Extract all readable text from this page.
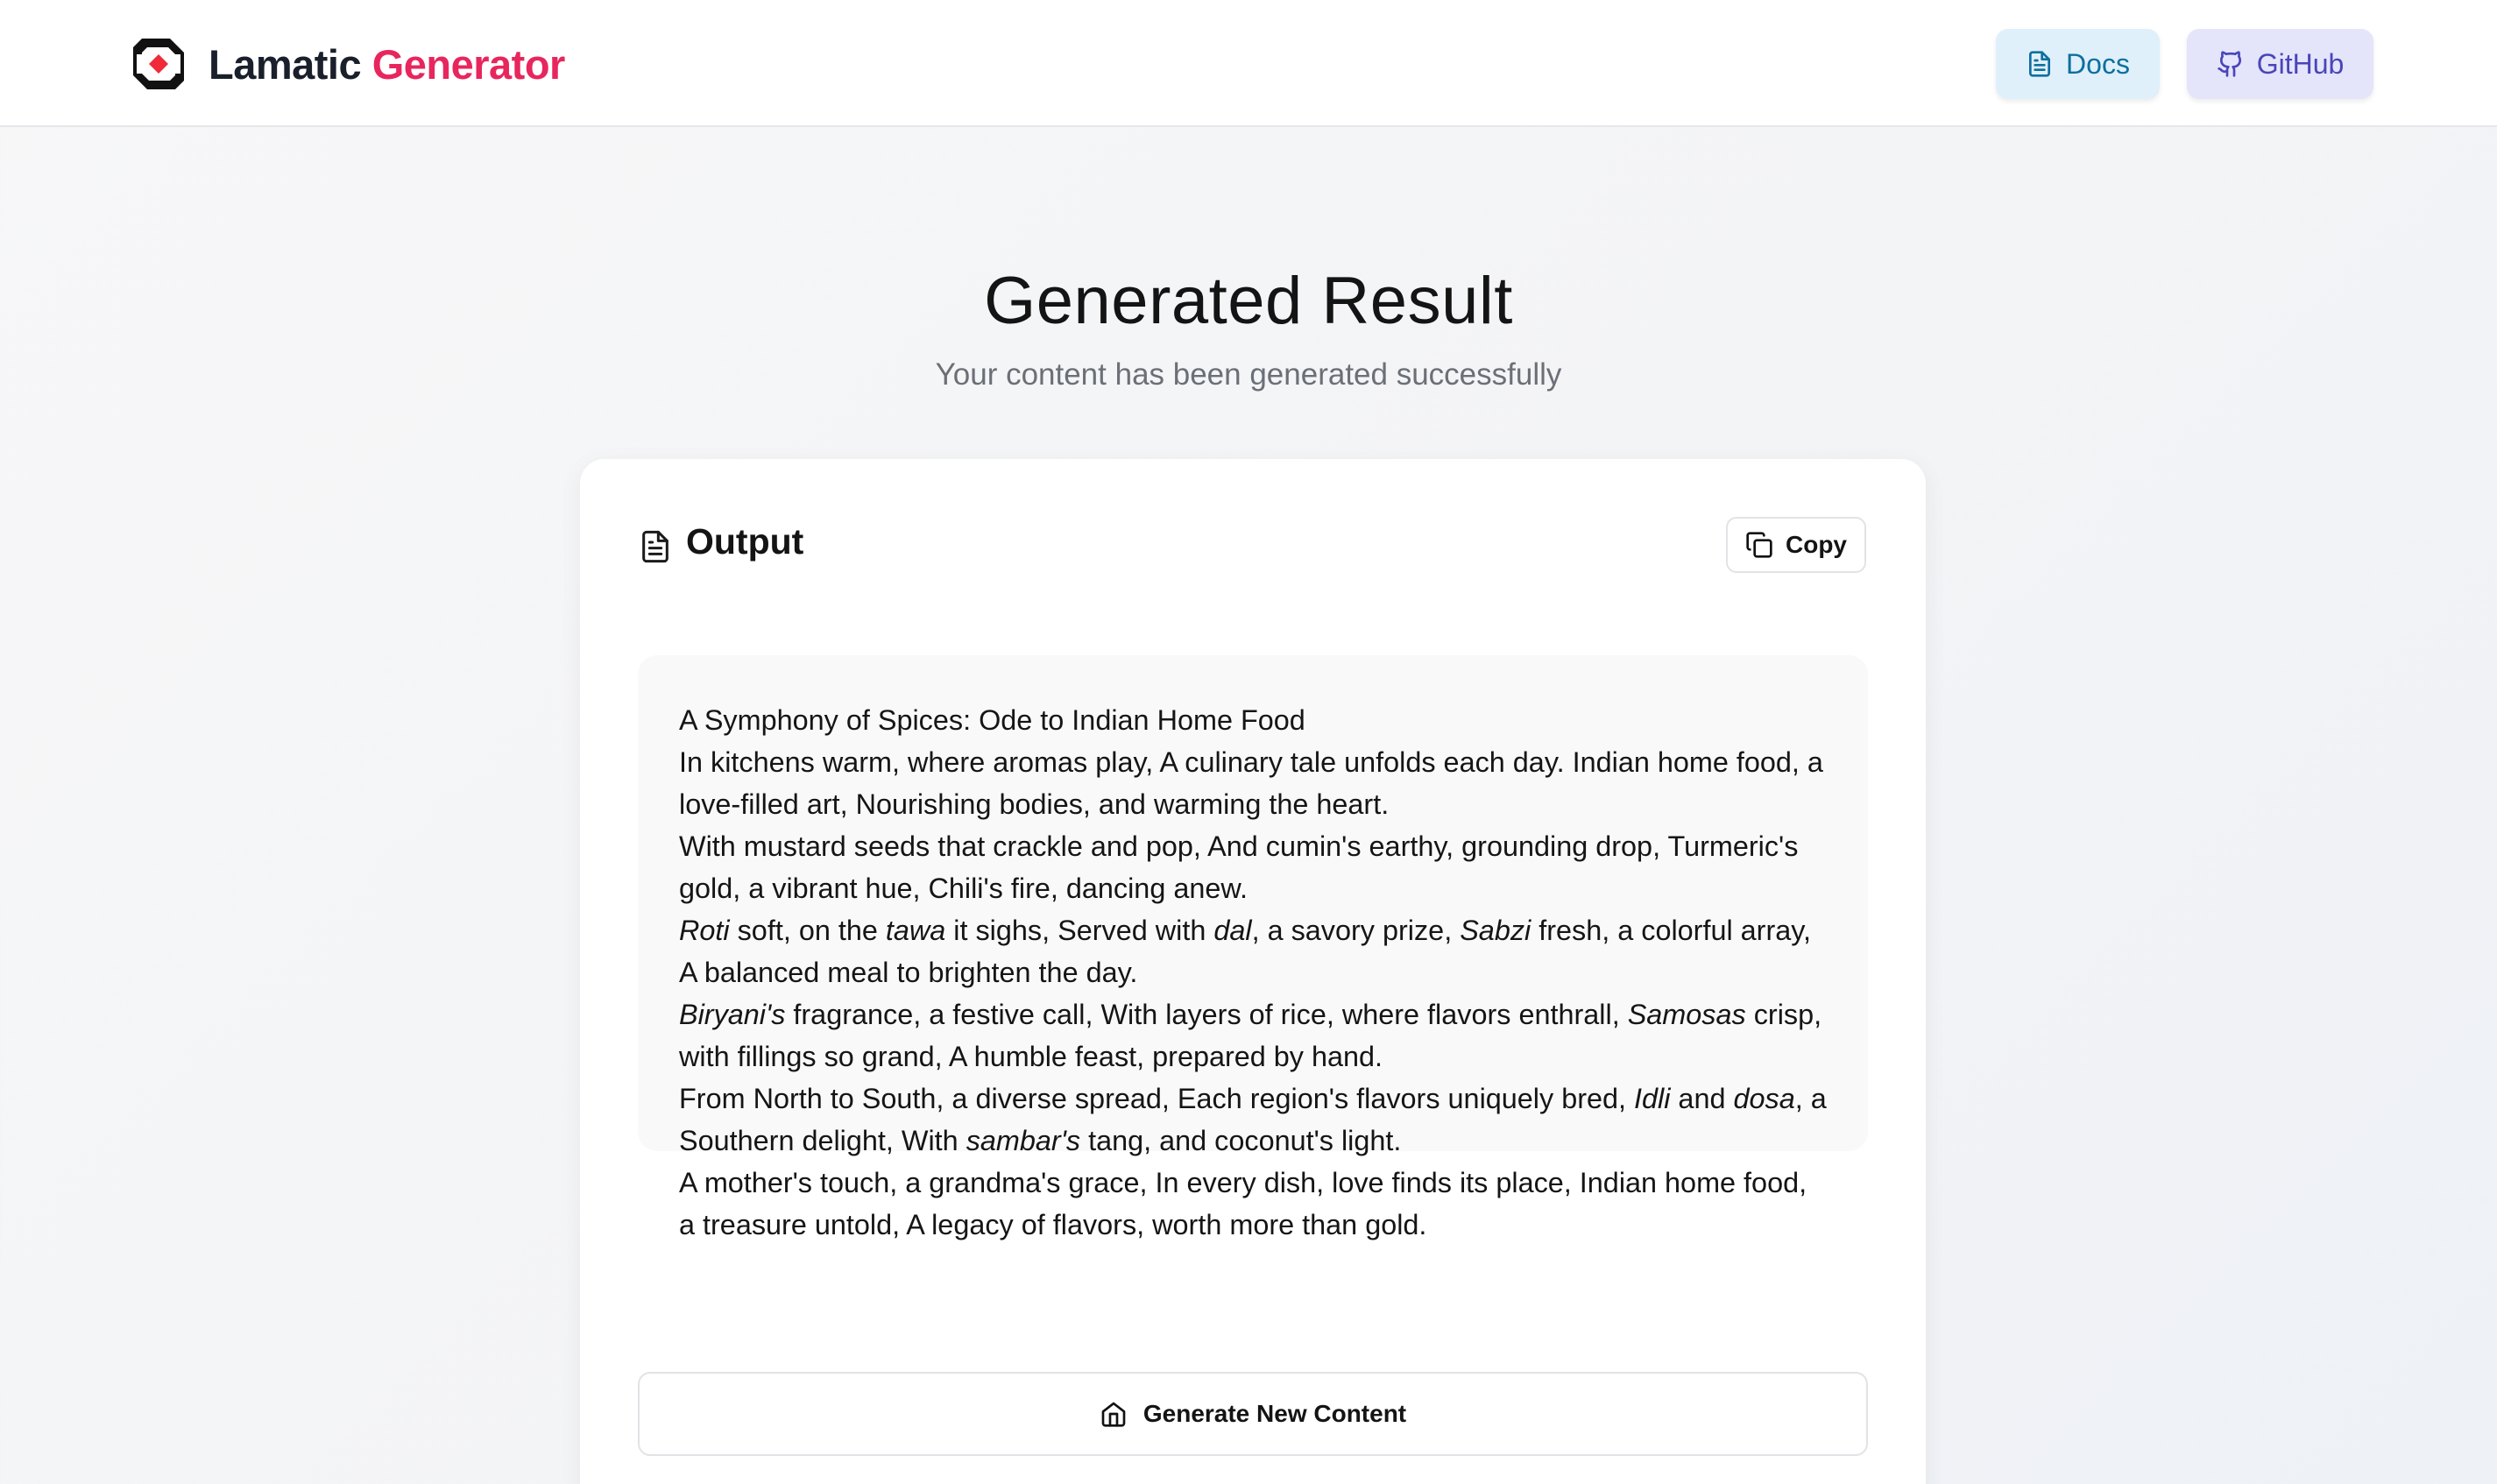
Lamatic Generator	Docs	GitHub
Generated Result
Your content has been generated successfully
Output	Copy

A Symphony of Spices: Ode to Indian Home Food

In kitchens warm, where aromas play, A culinary tale unfolds each day. Indian home food, a love-filled art, Nourishing bodies, and warming the heart.

With mustard seeds that crackle and pop, And cumin's earthy, grounding drop, Turmeric's gold, a vibrant hue, Chili's fire, dancing anew.

Roti soft, on the tawa it sighs, Served with dal, a savory prize, Sabzi fresh, a colorful array, A balanced meal to brighten the day.

Biryani's fragrance, a festive call, With layers of rice, where flavors enthrall, Samosas crisp, with fillings so grand, A humble feast, prepared by hand.

From North to South, a diverse spread, Each region's flavors uniquely bred, Idli and dosa, a Southern delight, With sambar's tang, and coconut's light.

A mother's touch, a grandma's grace, In every dish, love finds its place, Indian home food, a treasure untold, A legacy of flavors, worth more than gold.

Generate New Content
